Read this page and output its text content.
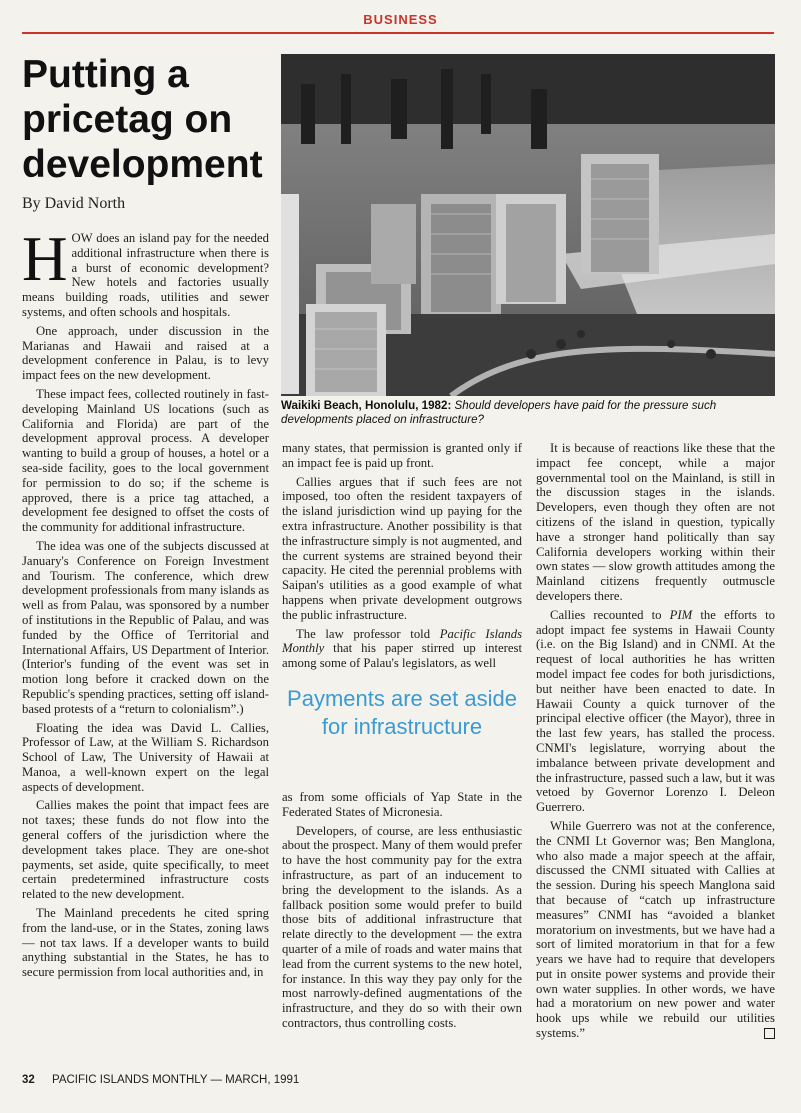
BUSINESS
Putting a pricetag on development
By David North
Waikiki Beach, Honolulu, 1982: Should developers have paid for the pressure such developments placed on infrastructure?

HOW does an island pay for the needed additional infrastructure when there is a burst of economic development? New hotels and factories usually means building roads, utilities and sewer systems, and often schools and hospitals.

One approach, under discussion in the Marianas and Hawaii and raised at a development conference in Palau, is to levy impact fees on the new development.

These impact fees, collected routinely in fast-developing Mainland US locations (such as California and Florida) are part of the development approval process. A developer wanting to build a group of houses, a hotel or a sea-side facility, goes to the local government for permission to do so; if the scheme is approved, there is a price tag attached, a development fee designed to offset the costs of the community for additional infrastructure.

The idea was one of the subjects discussed at January's Conference on Foreign Investment and Tourism. The conference, which drew development professionals from many islands as well as from Palau, was sponsored by a number of institutions in the Republic of Palau, and was funded by the Office of Territorial and International Affairs, US Department of Interior. (Interior's funding of the event was set in motion long before it cracked down on the Republic's spending practices, setting off island-based protests of a “return to colonialism”.)

Floating the idea was David L. Callies, Professor of Law, at the William S. Richardson School of Law, The University of Hawaii at Manoa, a well-known expert on the legal aspects of development.

Callies makes the point that impact fees are not taxes; these funds do not flow into the general coffers of the jurisdiction where the development takes place. They are one-shot payments, set aside, quite specifically, to meet certain predetermined infrastructure costs related to the new development.

The Mainland precedents he cited spring from the land-use, or in the States, zoning laws — not tax laws. If a developer wants to build anything substantial in the States, he has to secure permission from local authorities and, in

many states, that permission is granted only if an impact fee is paid up front.

Callies argues that if such fees are not imposed, too often the resident taxpayers of the island jurisdiction wind up paying for the extra infrastructure. Another possibility is that the infrastructure simply is not augmented, and the current systems are strained beyond their capacity. He cited the perennial problems with Saipan's utilities as a good example of what happens when private development outgrows the public infrastructure.

The law professor told Pacific Islands Monthly that his paper stirred up interest among some of Palau's legislators, as well

Payments are set aside for infrastructure

as from some officials of Yap State in the Federated States of Micronesia.

Developers, of course, are less enthusiastic about the prospect. Many of them would prefer to have the host community pay for the extra infrastructure, as part of an inducement to bring the development to the islands. As a fallback position some would prefer to build those bits of additional infrastructure that relate directly to the development — the extra quarter of a mile of roads and water mains that lead from the current systems to the new hotel, for instance. In this way they pay only for the most narrowly-defined augmentations of the infrastructure, and they do so with their own contractors, thus controlling costs.

It is because of reactions like these that the impact fee concept, while a major governmental tool on the Mainland, is still in the discussion stages in the islands. Developers, even though they often are not citizens of the island in question, typically have a stronger hand politically than say California developers working within their own states — slow growth attitudes among the Mainland citizens frequently outmuscle developers there.

Callies recounted to PIM the efforts to adopt impact fee systems in Hawaii County (i.e. on the Big Island) and in CNMI. At the request of local authorities he has written model impact fee codes for both jurisdictions, but neither have been enacted to date. In Hawaii County a quick turnover of the principal elective officer (the Mayor), three in the last few years, has stalled the process. CNMI's legislature, worrying about the imbalance between private development and the infrastructure, passed such a law, but it was vetoed by Governor Lorenzo I. Deleon Guerrero.

While Guerrero was not at the conference, the CNMI Lt Governor was; Ben Manglona, who also made a major speech at the affair, discussed the CNMI situated with Callies at the session. During his speech Manglona said that because of “catch up infrastructure measures” CNMI has “avoided a blanket moratorium on investments, but we have had a sort of limited moratorium in that for a few years we have had to require that developers put in onsite power systems and provide their own water supplies. In other words, we have had a moratorium on new power and water hook ups while we rebuild our utilities systems.”

32 PACIFIC ISLANDS MONTHLY — MARCH, 1991
